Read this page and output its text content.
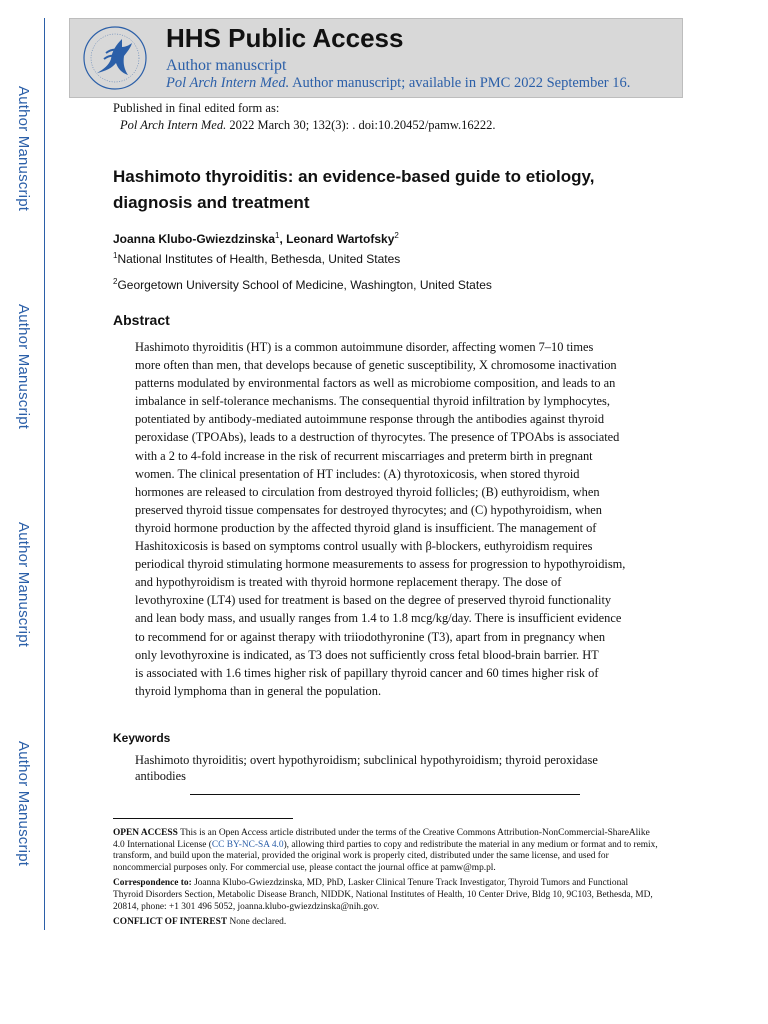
Author Manuscript
Author Manuscript
Author Manuscript
Author Manuscript
HHS Public Access
Author manuscript
Pol Arch Intern Med. Author manuscript; available in PMC 2022 September 16.
Published in final edited form as:
Pol Arch Intern Med. 2022 March 30; 132(3): . doi:10.20452/pamw.16222.
Hashimoto thyroiditis: an evidence-based guide to etiology,
diagnosis and treatment
Joanna Klubo-Gwiezdzinska$^1$, Leonard Wartofsky$^2$
$^1$National Institutes of Health, Bethesda, United States
$^2$Georgetown University School of Medicine, Washington, United States
Abstract
Hashimoto thyroiditis (HT) is a common autoimmune disorder, affecting women 7–10 times
more often than men, that develops because of genetic susceptibility, X chromosome inactivation
patterns modulated by environmental factors as well as microbiome composition, and leads to an
imbalance in self-tolerance mechanisms. The consequential thyroid infiltration by lymphocytes,
potentiated by antibody-mediated autoimmune response through the antibodies against thyroid
peroxidase (TPOAbs), leads to a destruction of thyrocytes. The presence of TPOAbs is associated
with a 2 to 4-fold increase in the risk of recurrent miscarriages and preterm birth in pregnant
women. The clinical presentation of HT includes: (A) thyrotoxicosis, when stored thyroid
hormones are released to circulation from destroyed thyroid follicles; (B) euthyroidism, when
preserved thyroid tissue compensates for destroyed thyrocytes; and (C) hypothyroidism, when
thyroid hormone production by the affected thyroid gland is insufficient. The management of
Hashitoxicosis is based on symptoms control usually with β-blockers, euthyroidism requires
periodical thyroid stimulating hormone measurements to assess for progression to hypothyroidism,
and hypothyroidism is treated with thyroid hormone replacement therapy. The dose of
levothyroxine (LT4) used for treatment is based on the degree of preserved thyroid functionality
and lean body mass, and usually ranges from 1.4 to 1.8 mcg/kg/day. There is insufficient evidence
to recommend for or against therapy with triiodothyronine (T3), apart from in pregnancy when
only levothyroxine is indicated, as T3 does not sufficiently cross fetal blood-brain barrier. HT
is associated with 1.6 times higher risk of papillary thyroid cancer and 60 times higher risk of
thyroid lymphoma than in general the population.
Keywords
Hashimoto thyroiditis; overt hypothyroidism; subclinical hypothyroidism; thyroid peroxidase antibodies

OPEN ACCESS This is an Open Access article distributed under the terms of the Creative Commons Attribution-NonCommercial-ShareAlike 4.0 International License (CC BY-NC-SA 4.0), allowing third parties to copy and redistribute the material in any medium or format and to remix, transform, and build upon the material, provided the original work is properly cited, distributed under the same license, and used for noncommercial purposes only. For commercial use, please contact the journal office at pamw@mp.pl.

Correspondence to: Joanna Klubo-Gwiezdzinska, MD, PhD, Lasker Clinical Tenure Track Investigator, Thyroid Tumors and Functional Thyroid Disorders Section, Metabolic Disease Branch, NIDDK, National Institutes of Health, 10 Center Drive, Bldg 10, 9C103, Bethesda, MD, 20814, phone: +1 301 496 5052, joanna.klubo-gwiezdzinska@nih.gov.

CONFLICT OF INTEREST None declared.
